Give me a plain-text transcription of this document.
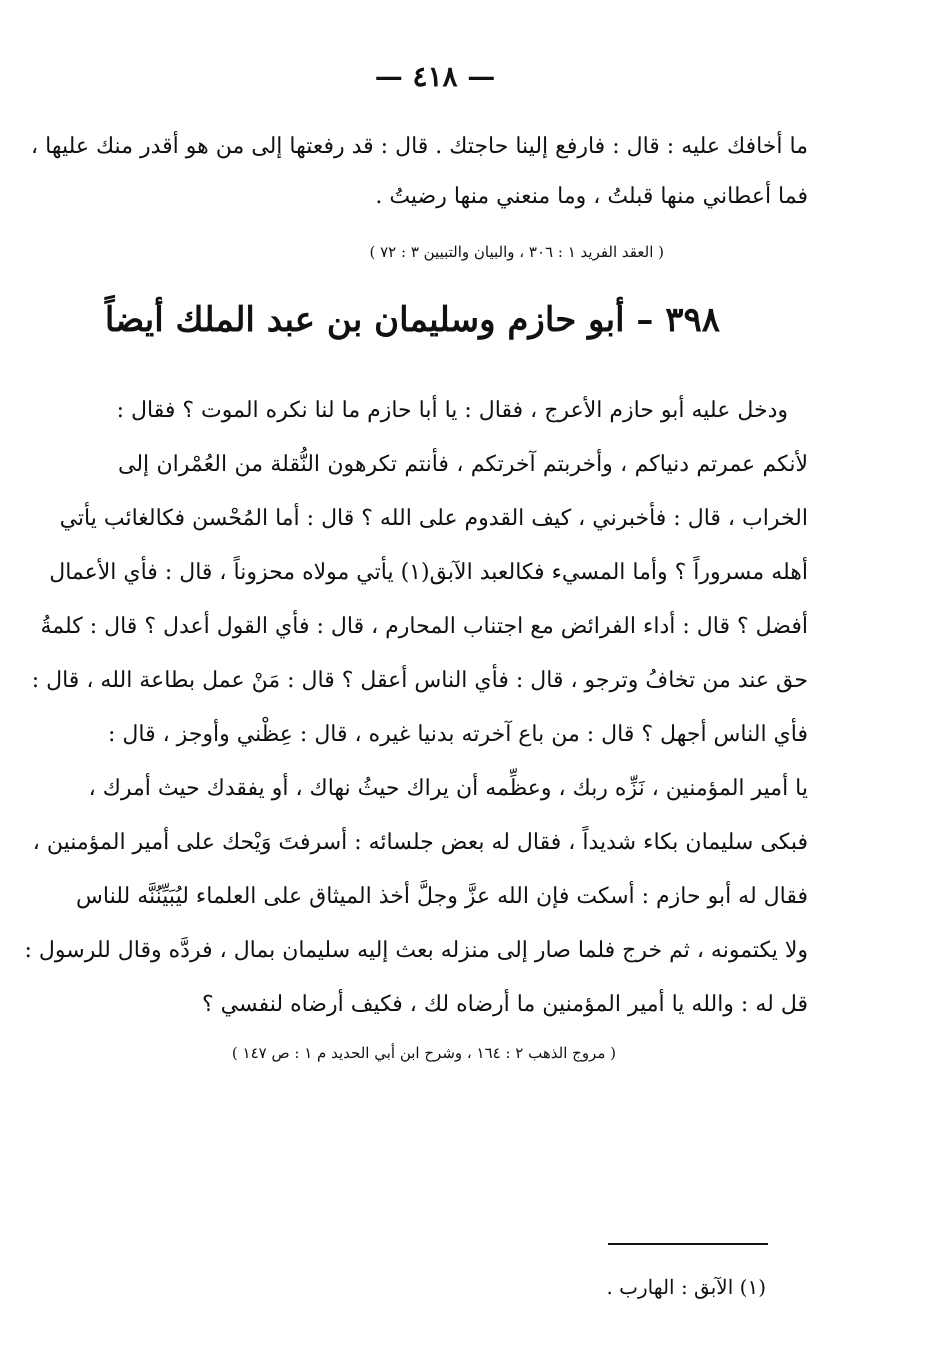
— ٤١٨ —
ما أخافك عليه : قال : فارفع إلينا حاجتك . قال : قد رفعتها إلى من هو أقدر منك عليها ،
فما أعطاني منها قبلتُ ، وما منعني منها رضيتُ .
( العقد الفريد ١ : ٣٠٦ ، والبيان والتبيين ٣ : ٧٢ )
٣٩٨ – أبو حازم وسليمان بن عبد الملك أيضاً
ودخل عليه أبو حازم الأعرج ، فقال : يا أبا حازم ما لنا نكره الموت ؟ فقال :
لأنكم عمرتم دنياكم ، وأخربتم آخرتكم ، فأنتم تكرهون النُّقلة من العُمْران إلى
الخراب ، قال : فأخبرني ، كيف القدوم على الله ؟ قال : أما المُحْسن فكالغائب يأتي
أهله مسروراً ؟ وأما المسيء فكالعبد الآبق(١) يأتي مولاه محزوناً ، قال : فأي الأعمال
أفضل ؟ قال : أداء الفرائض مع اجتناب المحارم ، قال : فأي القول أعدل ؟ قال : كلمةُ
حق عند من تخافُ وترجو ، قال : فأي الناس أعقل ؟ قال : مَنْ عمل بطاعة الله ، قال :
فأي الناس أجهل ؟ قال : من باع آخرته بدنيا غيره ، قال : عِظْني وأوجز ، قال :
يا أمير المؤمنين ، نَزِّه ربك ، وعظِّمه أن يراك حيثُ نهاك ، أو يفقدك حيث أمرك ،
فبكى سليمان بكاء شديداً ، فقال له بعض جلسائه : أسرفتَ وَيْحك على أمير المؤمنين ،
فقال له أبو حازم : أسكت فإن الله عزَّ وجلَّ أخذ الميثاق على العلماء ليُبَيِّنُنَّه للناس
ولا يكتمونه ، ثم خرج فلما صار إلى منزله بعث إليه سليمان بمال ، فردَّه وقال للرسول :
قل له : والله يا أمير المؤمنين ما أرضاه لك ، فكيف أرضاه لنفسي ؟
( مروج الذهب ٢ : ١٦٤ ، وشرح ابن أبي الحديد م ١ : ص ١٤٧ )
(١) الآبق : الهارب .
